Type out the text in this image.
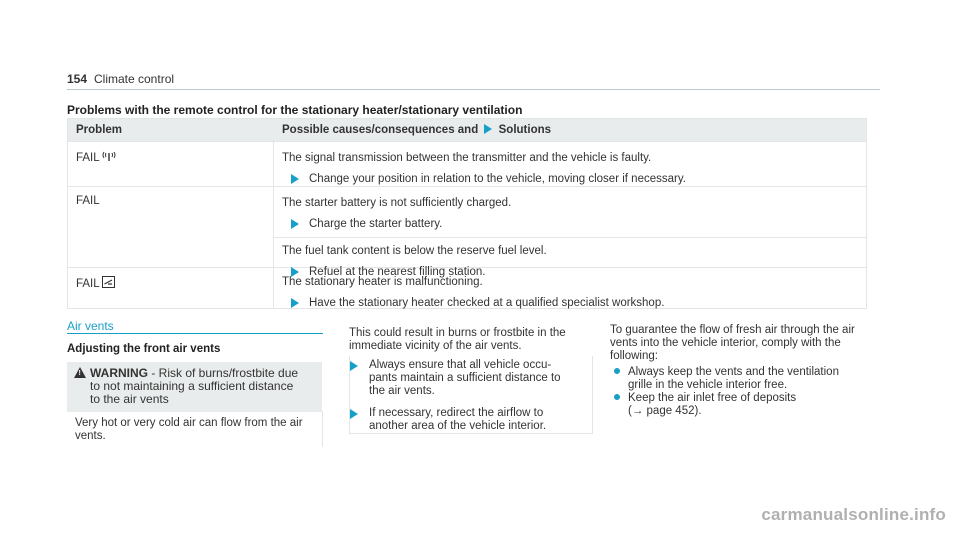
154 Climate control
Problems with the remote control for the stationary heater/stationary ventilation
Problem	Possible causes/consequences and Solutions
FAIL	The signal transmission between the transmitter and the vehicle is faulty.
Change your position in relation to the vehicle, moving closer if necessary.
FAIL	The starter battery is not sufficiently charged.
Charge the starter battery.
The fuel tank content is below the reserve fuel level.
Refuel at the nearest filling station.
FAIL	The stationary heater is malfunctioning.
Have the stationary heater checked at a qualified specialist workshop.
Air vents
Adjusting the front air vents
! WARNING - Risk of burns/frostbite due
to not maintaining a sufficient distance
to the air vents
Very hot or very cold air can flow from the air
vents.
This could result in burns or frostbite in the
immediate vicinity of the air vents.
Always ensure that all vehicle occu-
pants maintain a sufficient distance to
the air vents.
If necessary, redirect the airflow to
another area of the vehicle interior.
To guarantee the flow of fresh air through the air
vents into the vehicle interior, comply with the
following:
Always keep the vents and the ventilation
grille in the vehicle interior free.
Keep the air inlet free of deposits
(→ page 452).
carmanualsonline.info
